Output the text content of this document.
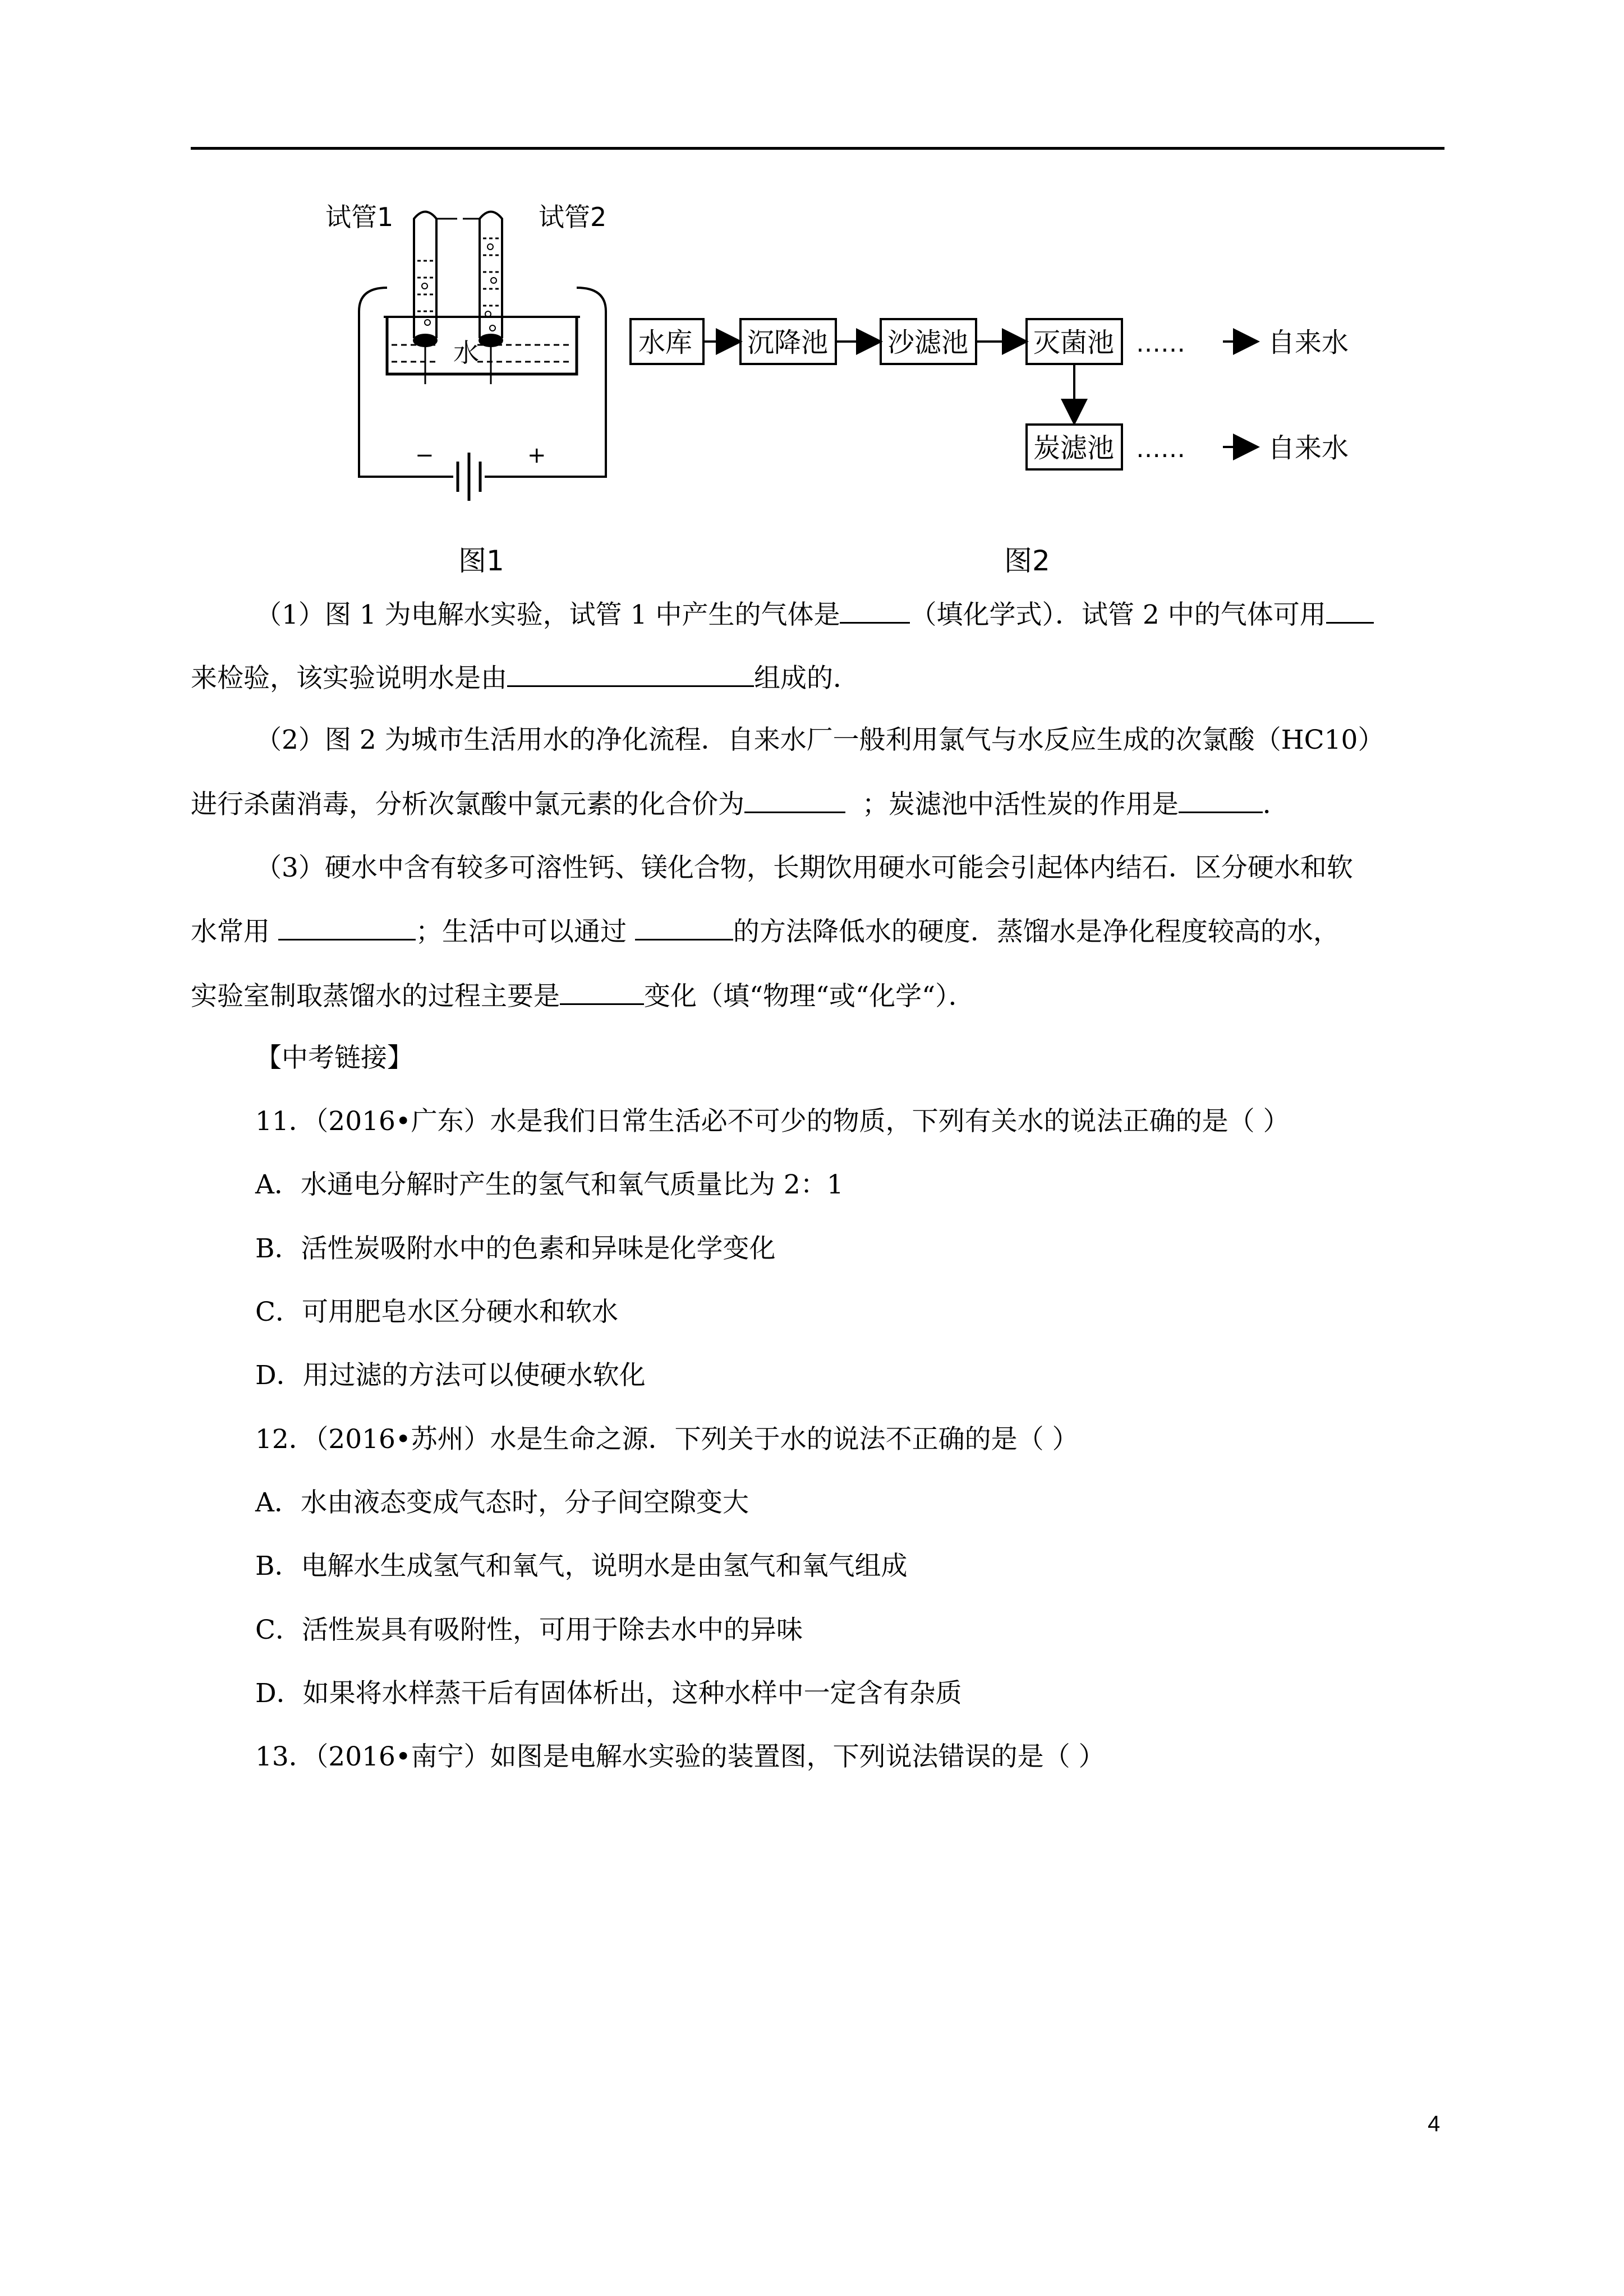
水
试管1	试管2
−	+
图1
水库 沉降池 沙滤池 灭菌池
炭滤池
……
……
自来水
自来水
图2
（1）图 1 为电解水实验，试管 1 中产生的气体是	（填化学式）．试管 2 中的气体可用
来检验，该实验说明水是由	组成的．
（2）图 2 为城市生活用水的净化流程．自来水厂一般利用氯气与水反应生成的次氯酸（HC10）
进行杀菌消毒，分析次氯酸中氯元素的化合价为	；炭滤池中活性炭的作用是	．
（3）硬水中含有较多可溶性钙、镁化合物，长期饮用硬水可能会引起体内结石．区分硬水和软
水常用	；生活中可以通过	的方法降低水的硬度．蒸馏水是净化程度较高的水，
实验室制取蒸馏水的过程主要是	变化（填“物理“或“化学“）．
【中考链接】
11．（2016•广东）水是我们日常生活必不可少的物质，下列有关水的说法正确的是（ ）
A．水通电分解时产生的氢气和氧气质量比为 2：1
B．活性炭吸附水中的色素和异味是化学变化
C．可用肥皂水区分硬水和软水
D．用过滤的方法可以使硬水软化
12．（2016•苏州）水是生命之源．下列关于水的说法不正确的是（ ）
A．水由液态变成气态时，分子间空隙变大
B．电解水生成氢气和氧气，说明水是由氢气和氧气组成
C．活性炭具有吸附性，可用于除去水中的异味
D．如果将水样蒸干后有固体析出，这种水样中一定含有杂质
13．（2016•南宁）如图是电解水实验的装置图，下列说法错误的是（ ）
4
